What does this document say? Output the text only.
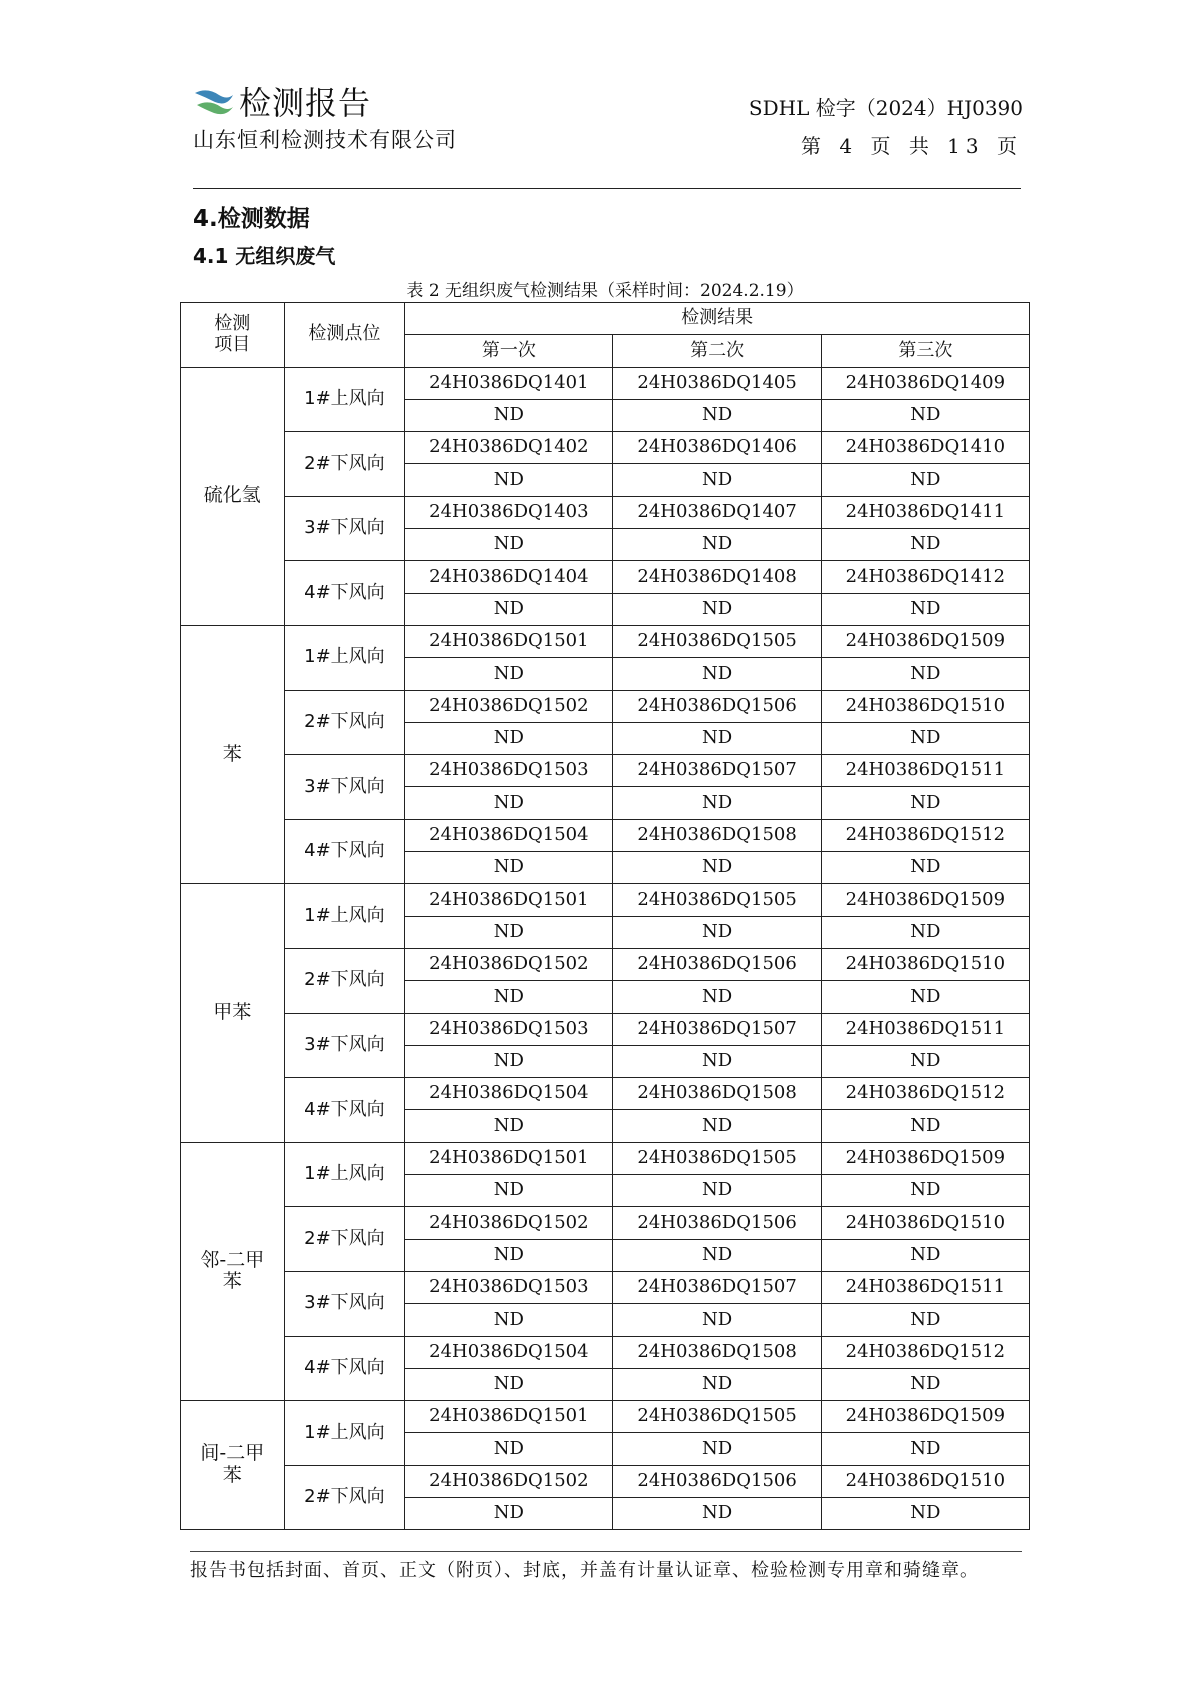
检测报告
山东恒利检测技术有限公司
SDHL 检字（2024）HJ0390
第 4 页 共 13 页
4.检测数据
4.1 无组织废气
表 2 无组织废气检测结果（采样时间：2024.2.19）
检测
项目	检测点位	检测结果		
		第一次	第二次	第三次
硫化氢	1#上风向	24H0386DQ1401	24H0386DQ1405	24H0386DQ1409
		ND	ND	ND
	2#下风向	24H0386DQ1402	24H0386DQ1406	24H0386DQ1410
		ND	ND	ND
	3#下风向	24H0386DQ1403	24H0386DQ1407	24H0386DQ1411
		ND	ND	ND
	4#下风向	24H0386DQ1404	24H0386DQ1408	24H0386DQ1412
		ND	ND	ND
苯	1#上风向	24H0386DQ1501	24H0386DQ1505	24H0386DQ1509
		ND	ND	ND
	2#下风向	24H0386DQ1502	24H0386DQ1506	24H0386DQ1510
		ND	ND	ND
	3#下风向	24H0386DQ1503	24H0386DQ1507	24H0386DQ1511
		ND	ND	ND
	4#下风向	24H0386DQ1504	24H0386DQ1508	24H0386DQ1512
		ND	ND	ND
甲苯	1#上风向	24H0386DQ1501	24H0386DQ1505	24H0386DQ1509
		ND	ND	ND
	2#下风向	24H0386DQ1502	24H0386DQ1506	24H0386DQ1510
		ND	ND	ND
	3#下风向	24H0386DQ1503	24H0386DQ1507	24H0386DQ1511
		ND	ND	ND
	4#下风向	24H0386DQ1504	24H0386DQ1508	24H0386DQ1512
		ND	ND	ND
邻-二甲
苯	1#上风向	24H0386DQ1501	24H0386DQ1505	24H0386DQ1509
		ND	ND	ND
	2#下风向	24H0386DQ1502	24H0386DQ1506	24H0386DQ1510
		ND	ND	ND
	3#下风向	24H0386DQ1503	24H0386DQ1507	24H0386DQ1511
		ND	ND	ND
	4#下风向	24H0386DQ1504	24H0386DQ1508	24H0386DQ1512
		ND	ND	ND
间-二甲
苯	1#上风向	24H0386DQ1501	24H0386DQ1505	24H0386DQ1509
		ND	ND	ND
	2#下风向	24H0386DQ1502	24H0386DQ1506	24H0386DQ1510
		ND	ND	ND
报告书包括封面、首页、正文（附页）、封底，并盖有计量认证章、检验检测专用章和骑缝章。
